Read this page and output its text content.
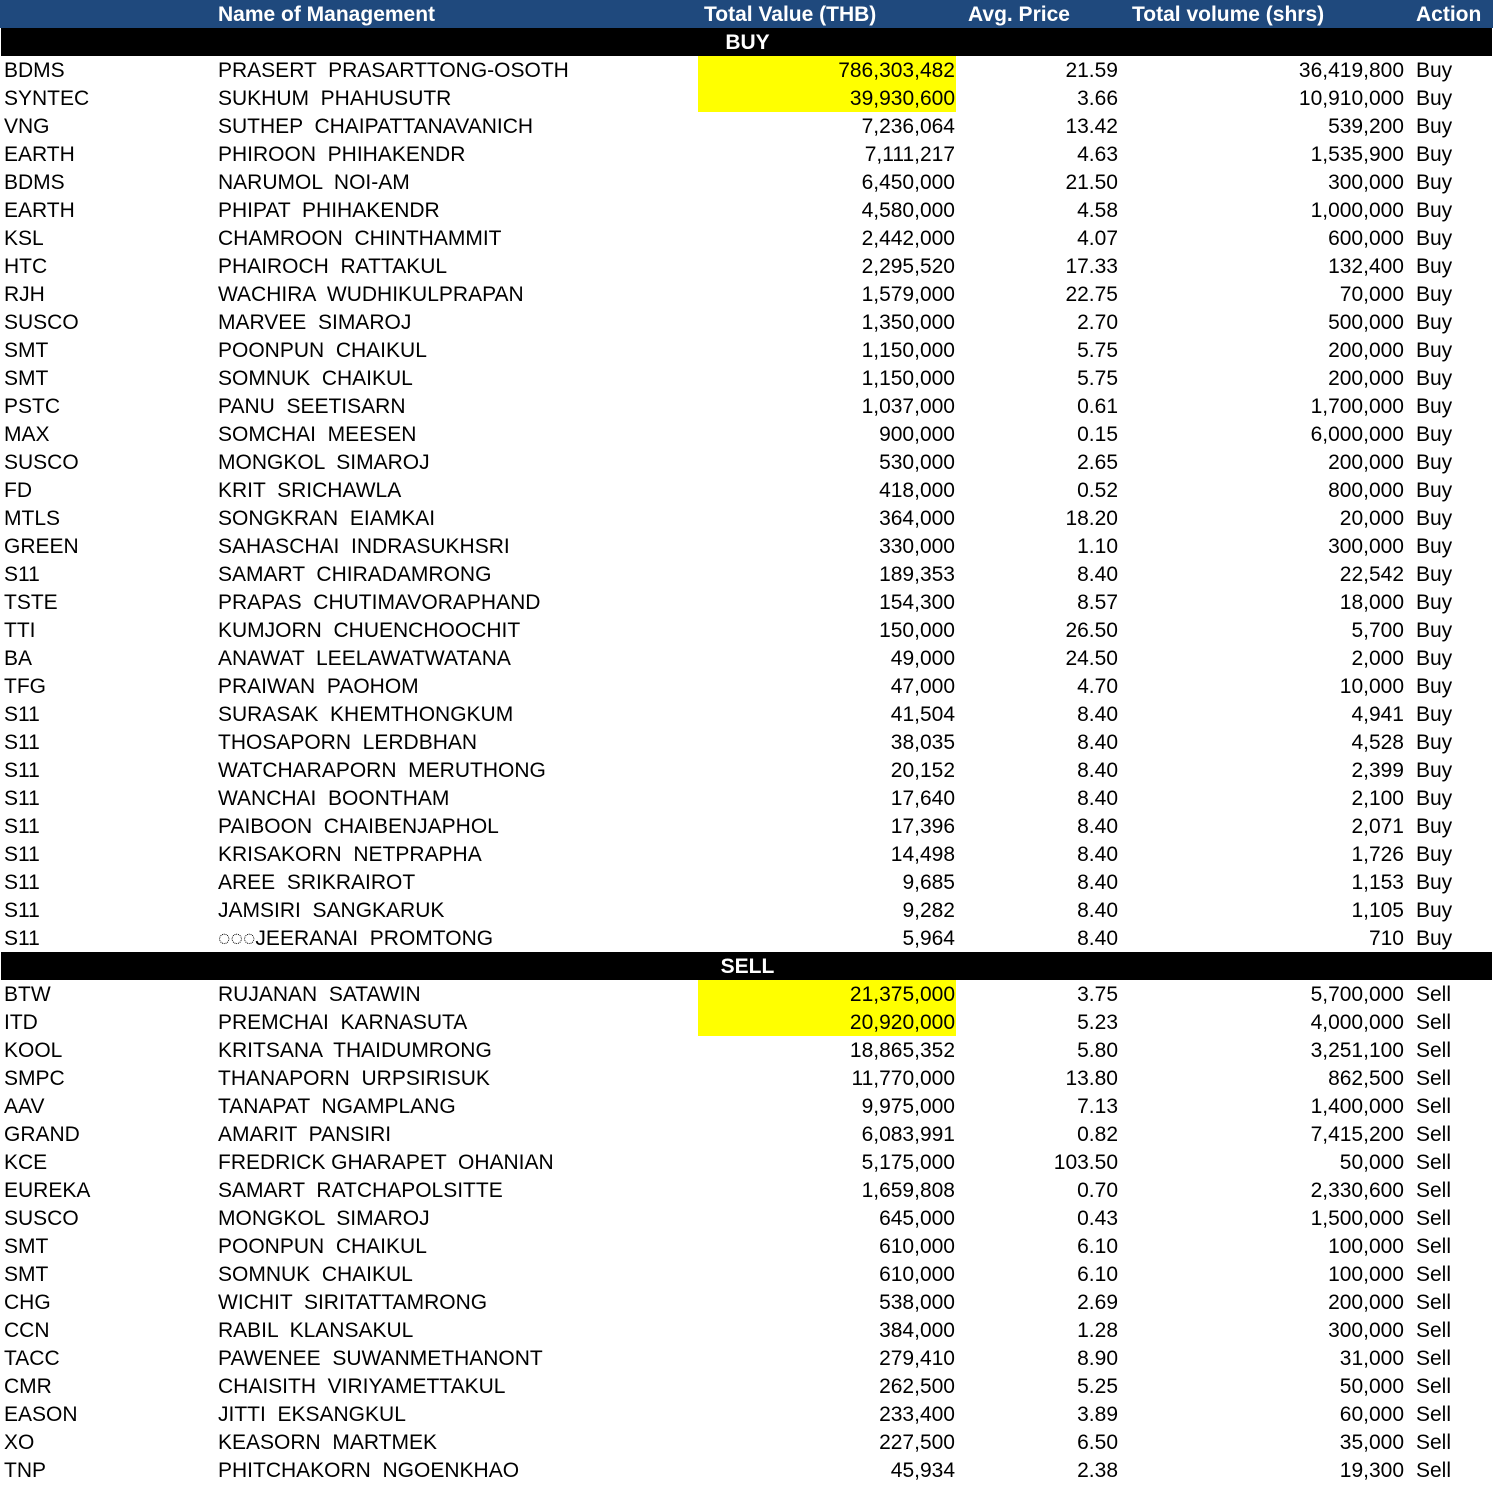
Name of Management	Total Value (THB)	Avg. Price	Total volume (shrs)	Action
BUY
BDMS	PRASERT  PRASARTTONG-OSOTH	786,303,482	21.59	36,419,800 Buy
SYNTEC	SUKHUM  PHAHUSUTR	39,930,600	3.66	10,910,000 Buy
VNG	SUTHEP  CHAIPATTANAVANICH	7,236,064	13.42	539,200 Buy
EARTH	PHIROON  PHIHAKENDR	7,111,217	4.63	1,535,900 Buy
BDMS	NARUMOL  NOI-AM	6,450,000	21.50	300,000 Buy
EARTH	PHIPAT  PHIHAKENDR	4,580,000	4.58	1,000,000 Buy
KSL	CHAMROON  CHINTHAMMIT	2,442,000	4.07	600,000 Buy
HTC	PHAIROCH  RATTAKUL	2,295,520	17.33	132,400 Buy
RJH	WACHIRA  WUDHIKULPRAPAN	1,579,000	22.75	70,000 Buy
SUSCO	MARVEE  SIMAROJ	1,350,000	2.70	500,000 Buy
SMT	POONPUN  CHAIKUL	1,150,000	5.75	200,000 Buy
SMT	SOMNUK  CHAIKUL	1,150,000	5.75	200,000 Buy
PSTC	PANU  SEETISARN	1,037,000	0.61	1,700,000 Buy
MAX	SOMCHAI  MEESEN	900,000	0.15	6,000,000 Buy
SUSCO	MONGKOL  SIMAROJ	530,000	2.65	200,000 Buy
FD	KRIT  SRICHAWLA	418,000	0.52	800,000 Buy
MTLS	SONGKRAN  EIAMKAI	364,000	18.20	20,000 Buy
GREEN	SAHASCHAI  INDRASUKHSRI	330,000	1.10	300,000 Buy
S11	SAMART  CHIRADAMRONG	189,353	8.40	22,542 Buy
TSTE	PRAPAS  CHUTIMAVORAPHAND	154,300	8.57	18,000 Buy
TTI	KUMJORN  CHUENCHOOCHIT	150,000	26.50	5,700 Buy
BA	ANAWAT  LEELAWATWATANA	49,000	24.50	2,000 Buy
TFG	PRAIWAN  PAOHOM	47,000	4.70	10,000 Buy
S11	SURASAK  KHEMTHONGKUM	41,504	8.40	4,941 Buy
S11	THOSAPORN  LERDBHAN	38,035	8.40	4,528 Buy
S11	WATCHARAPORN  MERUTHONG	20,152	8.40	2,399 Buy
S11	WANCHAI  BOONTHAM	17,640	8.40	2,100 Buy
S11	PAIBOON  CHAIBENJAPHOL	17,396	8.40	2,071 Buy
S11	KRISAKORN  NETPRAPHA	14,498	8.40	1,726 Buy
S11	AREE  SRIKRAIROT	9,685	8.40	1,153 Buy
S11	JAMSIRI  SANGKARUK	9,282	8.40	1,105 Buy
S11	◌◌◌JEERANAI  PROMTONG	5,964	8.40	710 Buy
SELL
BTW	RUJANAN  SATAWIN	21,375,000	3.75	5,700,000 Sell
ITD	PREMCHAI  KARNASUTA	20,920,000	5.23	4,000,000 Sell
KOOL	KRITSANA  THAIDUMRONG	18,865,352	5.80	3,251,100 Sell
SMPC	THANAPORN  URPSIRISUK	11,770,000	13.80	862,500 Sell
AAV	TANAPAT  NGAMPLANG	9,975,000	7.13	1,400,000 Sell
GRAND	AMARIT  PANSIRI	6,083,991	0.82	7,415,200 Sell
KCE	FREDRICK GHARAPET  OHANIAN	5,175,000	103.50	50,000 Sell
EUREKA	SAMART  RATCHAPOLSITTE	1,659,808	0.70	2,330,600 Sell
SUSCO	MONGKOL  SIMAROJ	645,000	0.43	1,500,000 Sell
SMT	POONPUN  CHAIKUL	610,000	6.10	100,000 Sell
SMT	SOMNUK  CHAIKUL	610,000	6.10	100,000 Sell
CHG	WICHIT  SIRITATTAMRONG	538,000	2.69	200,000 Sell
CCN	RABIL  KLANSAKUL	384,000	1.28	300,000 Sell
TACC	PAWENEE  SUWANMETHANONT	279,410	8.90	31,000 Sell
CMR	CHAISITH  VIRIYAMETTAKUL	262,500	5.25	50,000 Sell
EASON	JITTI  EKSANGKUL	233,400	3.89	60,000 Sell
XO	KEASORN  MARTMEK	227,500	6.50	35,000 Sell
TNP	PHITCHAKORN  NGOENKHAO	45,934	2.38	19,300 Sell
